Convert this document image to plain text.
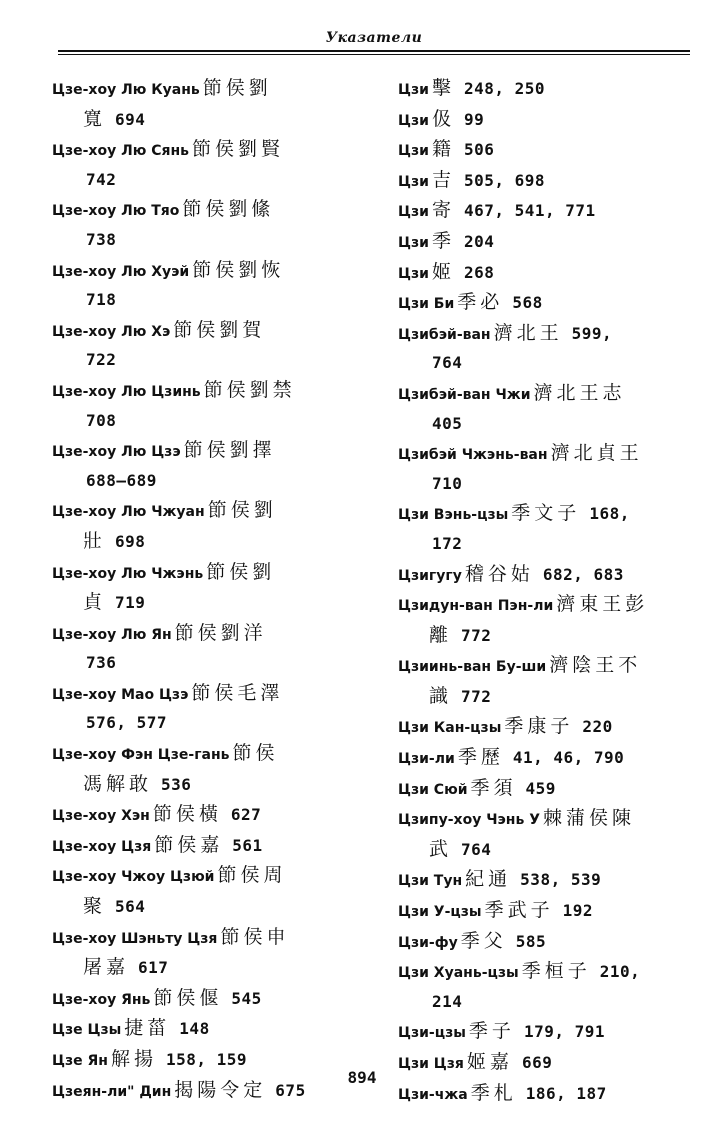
Указатели
Цзе-хоу Лю Куань 節侯劉
寬 694
Цзе-хоу Лю Сянь 節侯劉賢
742
Цзе-хоу Лю Тяо 節侯劉絛
738
Цзе-хоу Лю Хуэй 節侯劉恢
718
Цзе-хоу Лю Хэ 節侯劉賀
722
Цзе-хоу Лю Цзинь 節侯劉禁
708
Цзе-хоу Лю Цзэ 節侯劉擇
688–689
Цзе-хоу Лю Чжуан 節侯劉
壯 698
Цзе-хоу Лю Чжэнь 節侯劉
貞 719
Цзе-хоу Лю Ян 節侯劉洋
736
Цзе-хоу Мао Цзэ 節侯毛澤
576, 577
Цзе-хоу Фэн Цзе-гань 節侯
馮解敢 536
Цзе-хоу Хэн 節侯橫 627
Цзе-хоу Цзя 節侯嘉 561
Цзе-хоу Чжоу Цзюй 節侯周
聚 564
Цзе-хоу Шэньту Цзя 節侯申
屠嘉 617
Цзе-хоу Янь 節侯偃 545
Цзе Цзы 捷菑 148
Цзе Ян 解揚 158, 159
Цзеян-ли" Дин 揭陽令定 675
Цзи 擊 248, 250
Цзи 伋 99
Цзи 籍 506
Цзи 吉 505, 698
Цзи 寄 467, 541, 771
Цзи 季 204
Цзи 姬 268
Цзи Би 季必 568
Цзибэй-ван 濟北王 599,
764
Цзибэй-ван Чжи 濟北王志
405
Цзибэй Чжэнь-ван 濟北貞王
710
Цзи Вэнь-цзы 季文子 168,
172
Цзигугу 稽谷姑 682, 683
Цзидун-ван Пэн-ли 濟東王彭
離 772
Цзиинь-ван Бу-ши 濟陰王不
識 772
Цзи Кан-цзы 季康子 220
Цзи-ли 季歷 41, 46, 790
Цзи Сюй 季須 459
Цзипу-хоу Чэнь У 棘蒲侯陳
武 764
Цзи Тун 紀通 538, 539
Цзи У-цзы 季武子 192
Цзи-фу 季父 585
Цзи Хуань-цзы 季桓子 210,
214
Цзи-цзы 季子 179, 791
Цзи Цзя 姬嘉 669
Цзи-чжа 季札 186, 187
894
